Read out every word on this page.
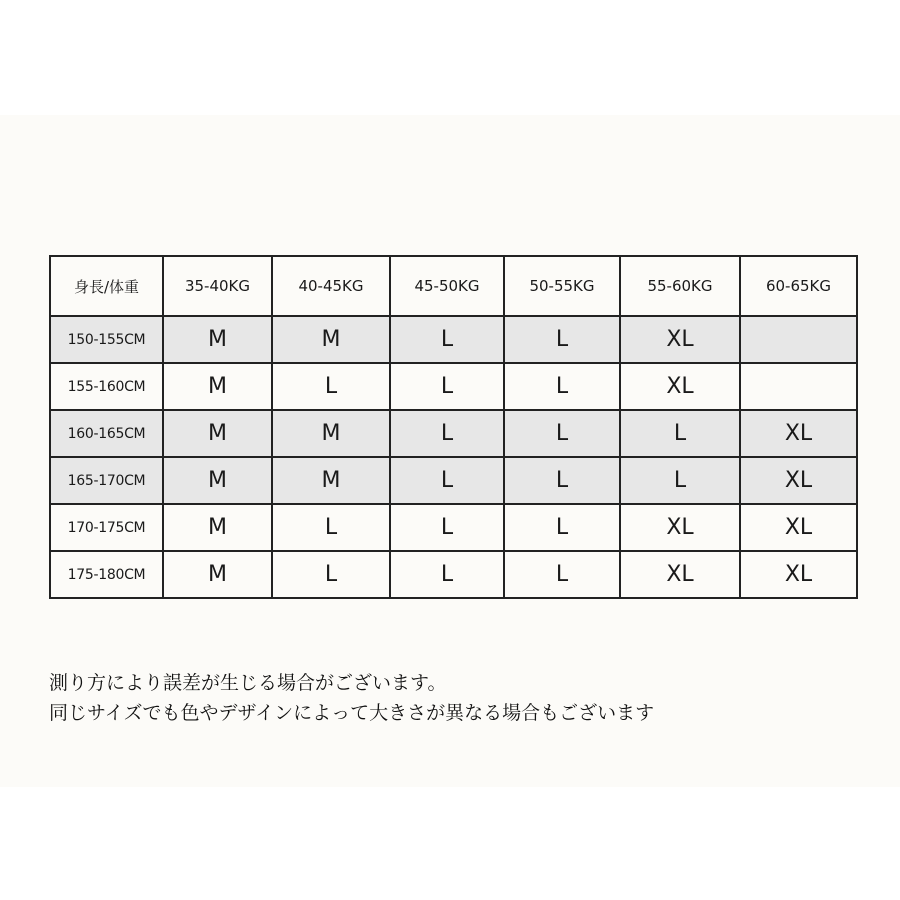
身長/体重	35-40KG	40-45KG	45-50KG	50-55KG	55-60KG	60-65KG
150-155CM	M	M	L	L	XL	
155-160CM	M	L	L	L	XL	
160-165CM	M	M	L	L	L	XL
165-170CM	M	M	L	L	L	XL
170-175CM	M	L	L	L	XL	XL
175-180CM	M	L	L	L	XL	XL
測り方により誤差が生じる場合がございます。
同じサイズでも色やデザインによって大きさが異なる場合もございます
